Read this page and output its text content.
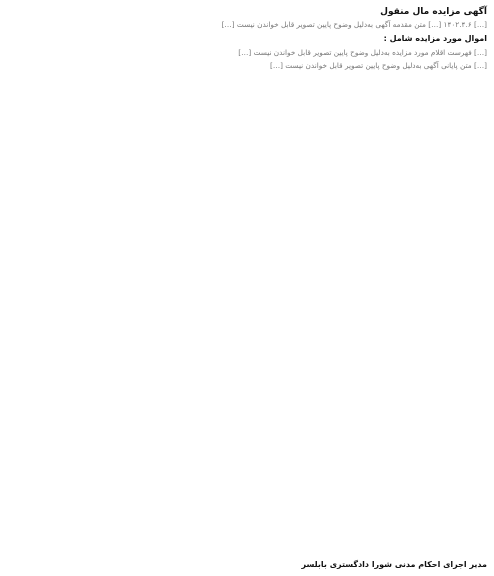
آگهی مزایده مال منقول
[…] ۱۴۰۲.۴.۶ […] متن مقدمه آگهی به‌دلیل وضوح پایین تصویر قابل خواندن نیست […]
اموال مورد مزایده شامل :
[…] فهرست اقلام مورد مزایده به‌دلیل وضوح پایین تصویر قابل خواندن نیست […]
[…] متن پایانی آگهی به‌دلیل وضوح پایین تصویر قابل خواندن نیست […]
مدیر اجرای احکام مدنی شورا دادگستری بابلسر
